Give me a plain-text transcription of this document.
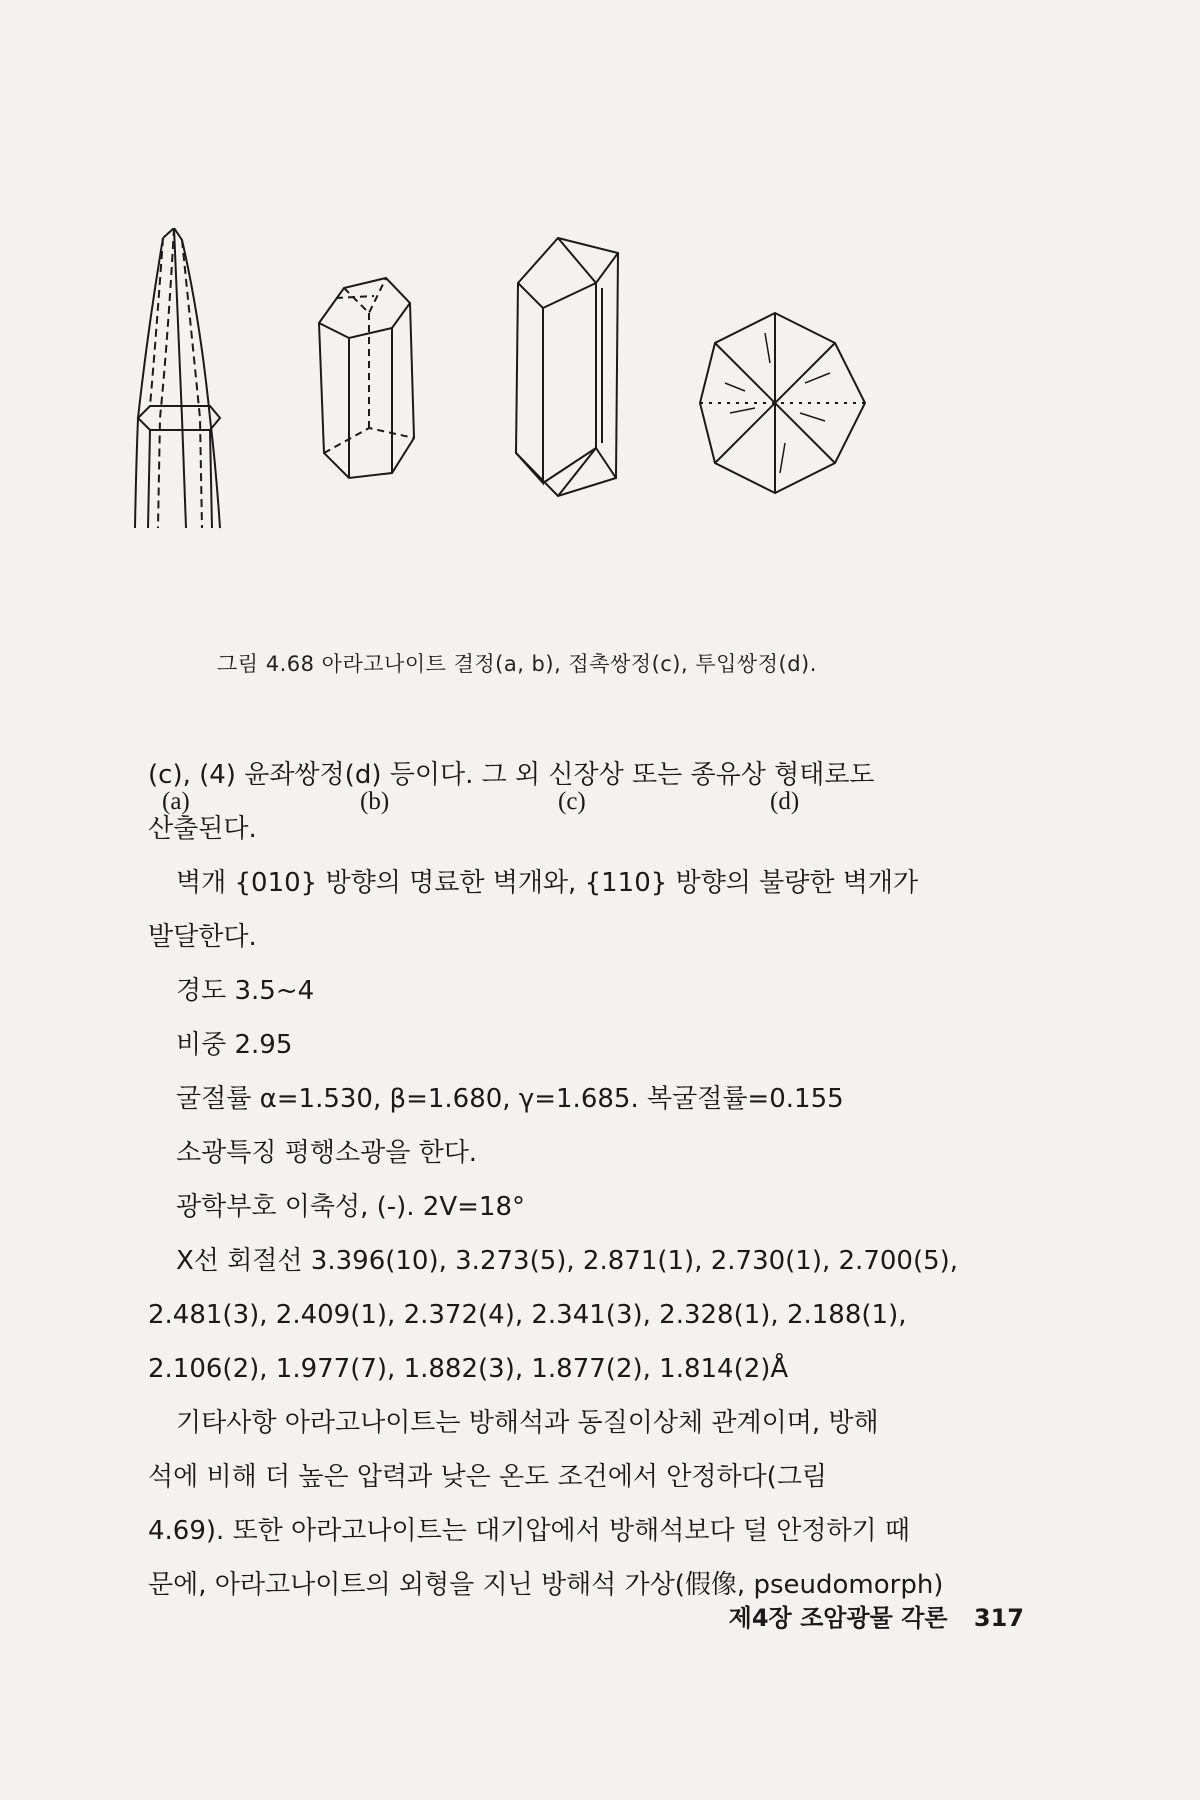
(a)	(b)	(c)	(d)
그림 4.68 아라고나이트 결정(a, b), 접촉쌍정(c), 투입쌍정(d).
(c), (4) 윤좌쌍정(d) 등이다. 그 외 신장상 또는 종유상 형태로도
산출된다.
벽개 {010} 방향의 명료한 벽개와, {110} 방향의 불량한 벽개가
발달한다.
경도 3.5~4
비중 2.95
굴절률 α=1.530, β=1.680, γ=1.685. 복굴절률=0.155
소광특징 평행소광을 한다.
광학부호 이축성, (-). 2V=18°
X선 회절선 3.396(10), 3.273(5), 2.871(1), 2.730(1), 2.700(5),
2.481(3), 2.409(1), 2.372(4), 2.341(3), 2.328(1), 2.188(1),
2.106(2), 1.977(7), 1.882(3), 1.877(2), 1.814(2)Å
기타사항 아라고나이트는 방해석과 동질이상체 관계이며, 방해
석에 비해 더 높은 압력과 낮은 온도 조건에서 안정하다(그림
4.69). 또한 아라고나이트는 대기압에서 방해석보다 덜 안정하기 때
문에, 아라고나이트의 외형을 지닌 방해석 가상(假像, pseudomorph)
제4장 조암광물 각론 317
